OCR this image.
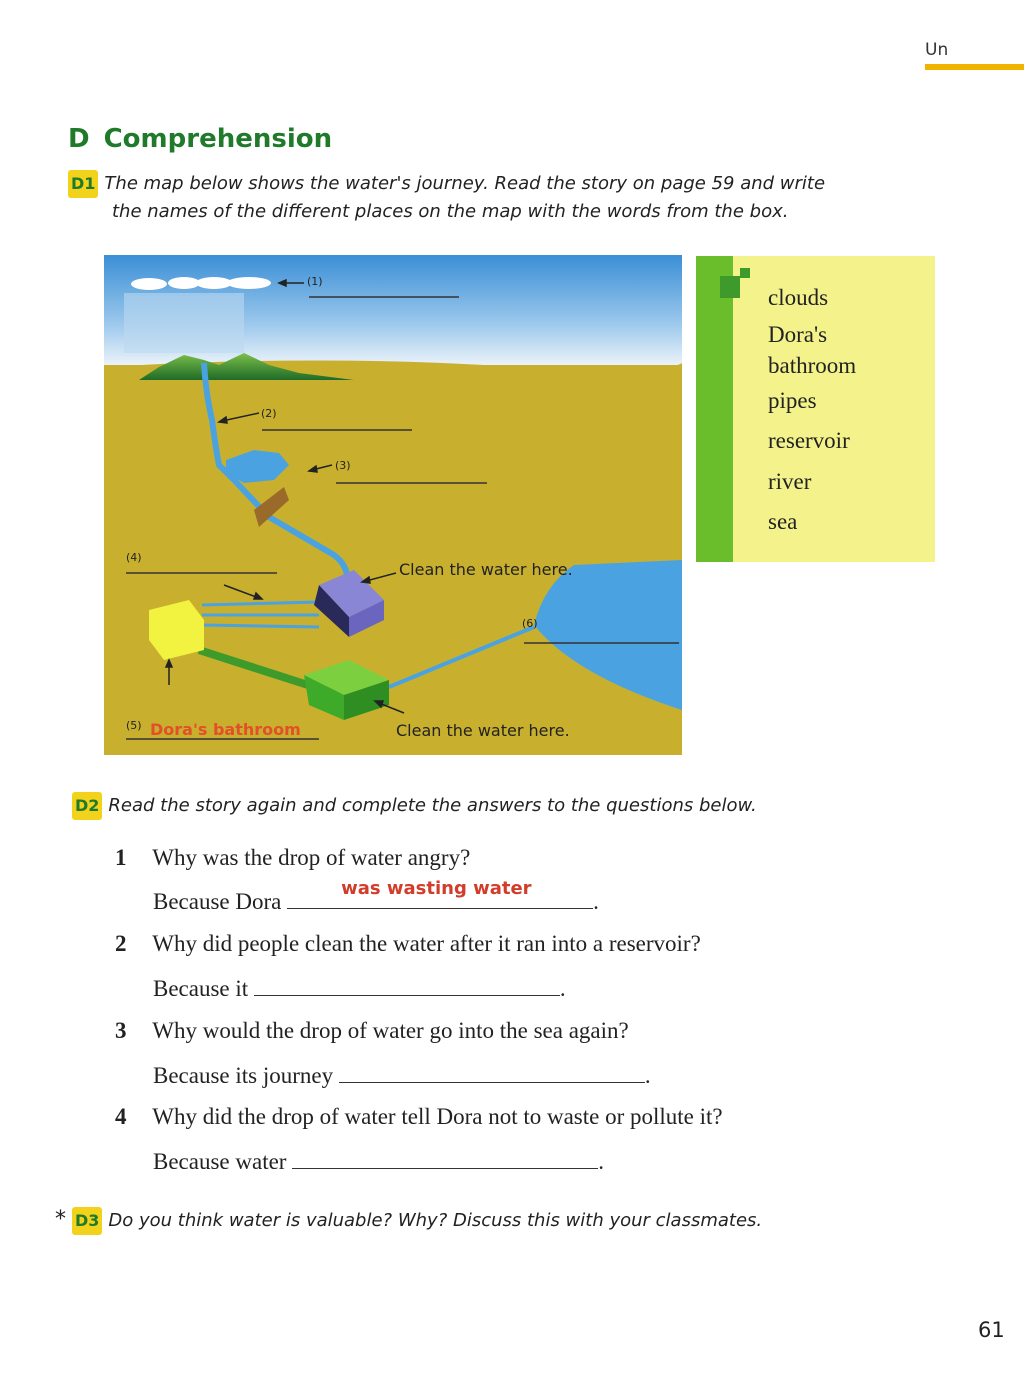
Un
D Comprehension
D1 The map below shows the water's journey. Read the story on page 59 and write
the names of the different places on the map with the words from the box.
(1)
(2)
(3)
(4)
(5)
(6)
Clean the water here.
Clean the water here.
Dora's bathroom
clouds
Dora's
bathroom
pipes
reservoir
river
sea
D2 Read the story again and complete the answers to the questions below.
1 Why was the drop of water angry?
Because Dora
was wasting water
.
2 Why did people clean the water after it ran into a reservoir?
Because it	.
3 Why would the drop of water go into the sea again?
Because its journey	.
4 Why did the drop of water tell Dora not to waste or pollute it?
Because water	.
* D3 Do you think water is valuable? Why? Discuss this with your classmates.
61
